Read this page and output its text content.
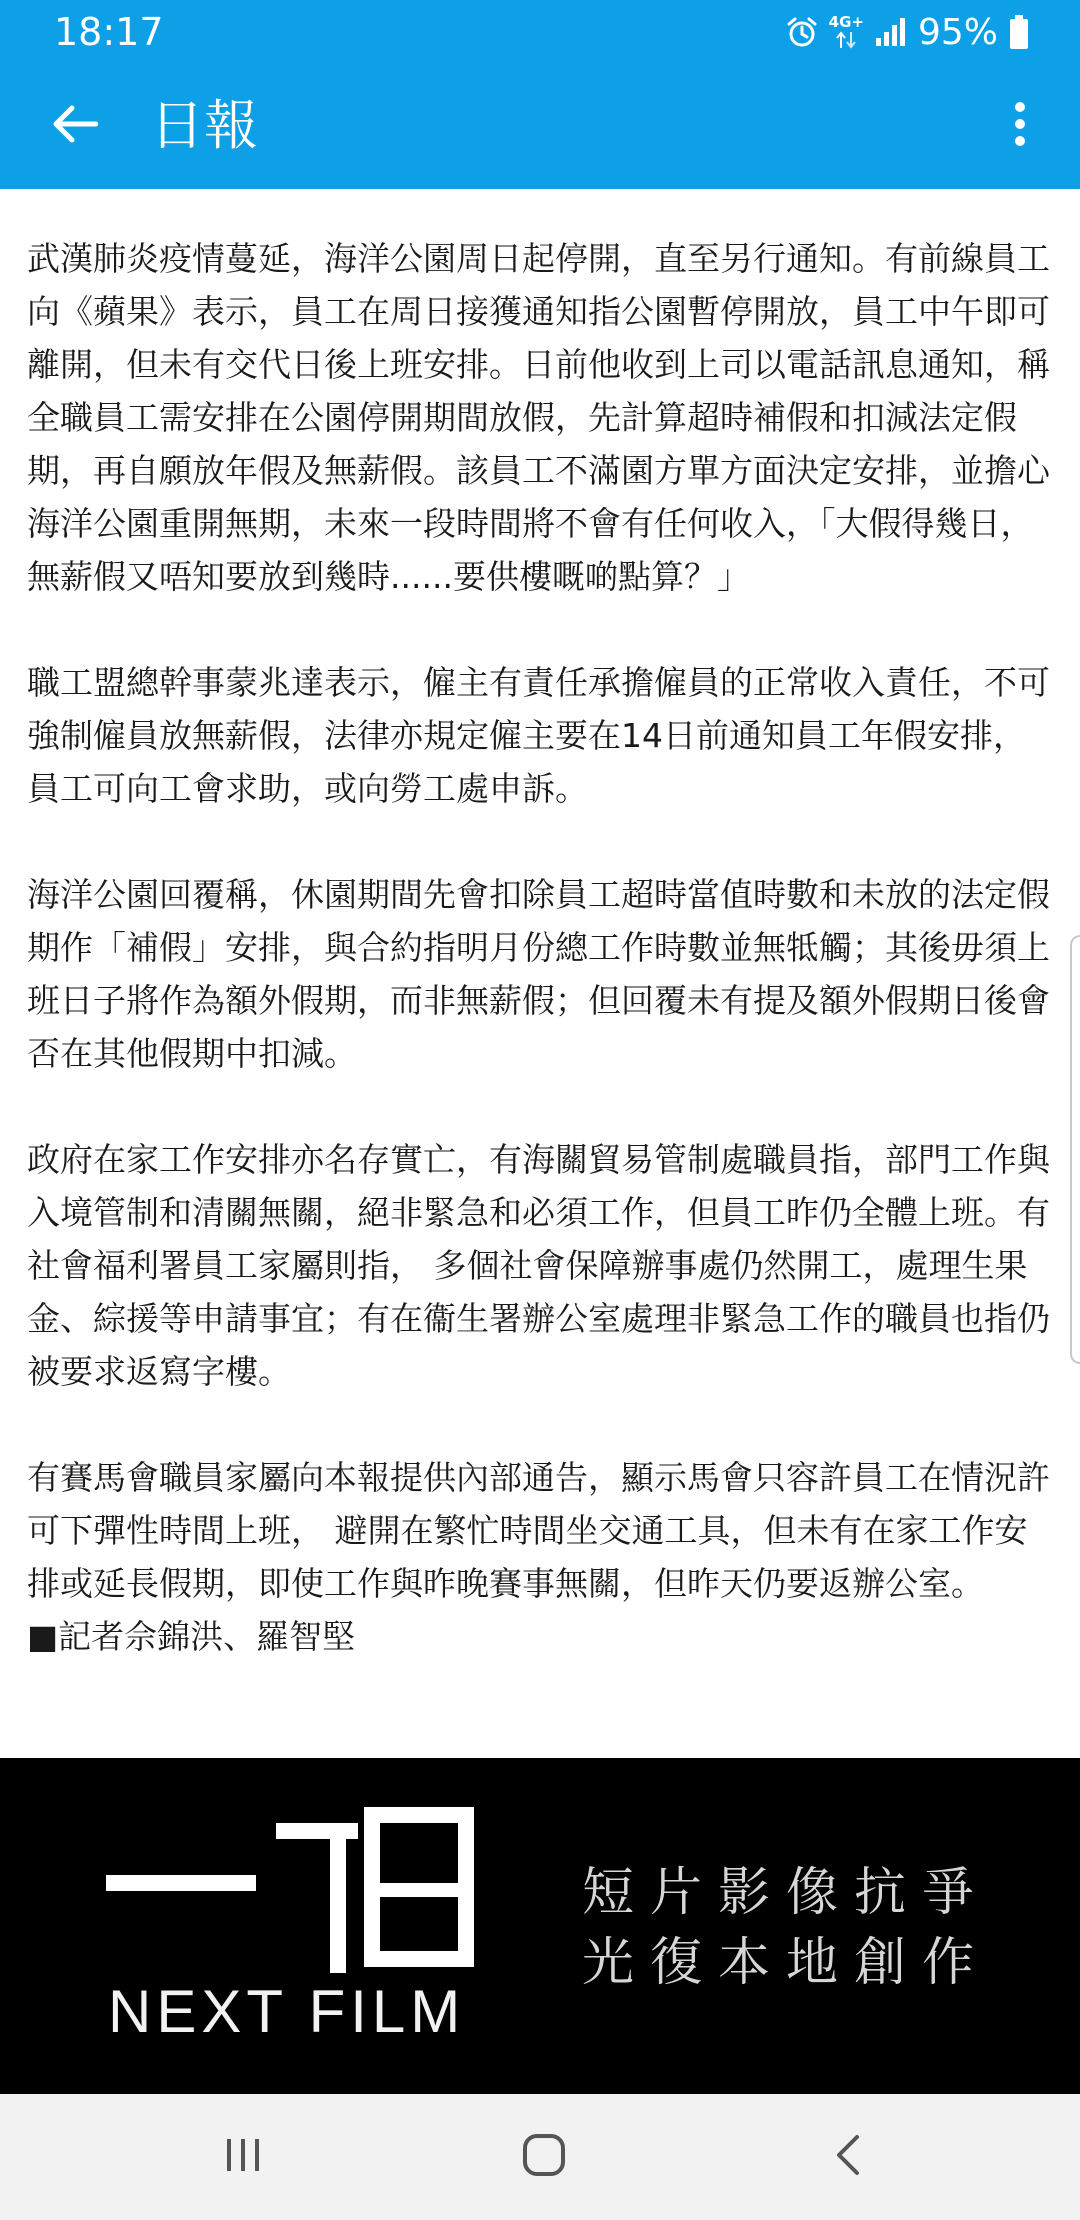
18:17	4G+ 95%
日報

武漢肺炎疫情蔓延，海洋公園周日起停開，直至另行通知。有前線員工向《蘋果》表示，員工在周日接獲通知指公園暫停開放，員工中午即可離開，但未有交代日後上班安排。日前他收到上司以電話訊息通知，稱全職員工需安排在公園停開期間放假，先計算超時補假和扣減法定假期，再自願放年假及無薪假。該員工不滿園方單方面決定安排，並擔心海洋公園重開無期，未來一段時間將不會有任何收入，「大假得幾日，無薪假又唔知要放到幾時......要供樓嘅啲點算？」

職工盟總幹事蒙兆達表示，僱主有責任承擔僱員的正常收入責任，不可強制僱員放無薪假，法律亦規定僱主要在14日前通知員工年假安排，員工可向工會求助，或向勞工處申訴。

海洋公園回覆稱，休園期間先會扣除員工超時當值時數和未放的法定假期作「補假」安排，與合約指明月份總工作時數並無牴觸；其後毋須上班日子將作為額外假期，而非無薪假；但回覆未有提及額外假期日後會否在其他假期中扣減。

政府在家工作安排亦名存實亡，有海關貿易管制處職員指，部門工作與入境管制和清關無關，絕非緊急和必須工作，但員工昨仍全體上班。有社會福利署員工家屬則指， 多個社會保障辦事處仍然開工，處理生果金、綜援等申請事宜；有在衞生署辦公室處理非緊急工作的職員也指仍被要求返寫字樓。

有賽馬會職員家屬向本報提供內部通告，顯示馬會只容許員工在情況許可下彈性時間上班， 避開在繁忙時間坐交通工具，但未有在家工作安排或延長假期，即使工作與昨晚賽事無關，但昨天仍要返辦公室。

■記者佘錦洪、羅智堅

NEXT FILM
短片影像抗爭
光復本地創作
